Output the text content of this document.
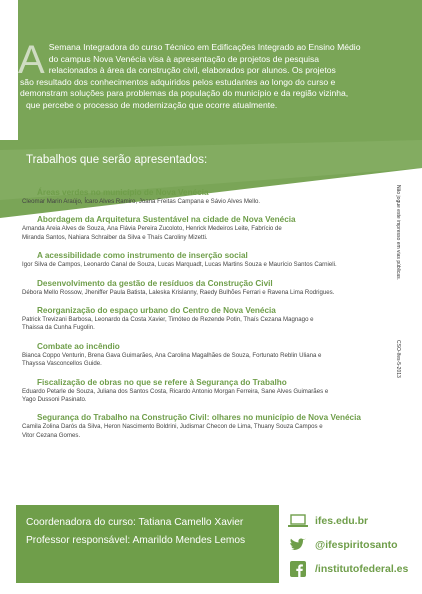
A Semana Integradora do curso Técnico em Edificações Integrado ao Ensino Médio
do campus Nova Venécia visa à apresentação de projetos de pesquisa
relacionados à área da construção civil, elaborados por alunos. Os projetos
são resultado dos conhecimentos adquiridos pelos estudantes ao longo do curso e
demonstram soluções para problemas da população do município e da região vizinha,
que percebe o processo de modernização que ocorre atualmente.
Trabalhos que serão apresentados:
Áreas verdes no município de Nova Venécia
Cleomar Marin Araújo, Ícaro Alves Ramiro, Joana Freitas Campana e Sávio Alves Mello.
Abordagem da Arquitetura Sustentável na cidade de Nova Venécia
Amanda Areia Alves de Souza, Ana Flávia Pereira Zucoloto, Henrick Medeiros Leite, Fabrício de
Miranda Santos, Nahiara Schraiber da Silva e Thaís Caroliny Mizetti.
A acessibilidade como instrumento de inserção social
Igor Silva de Campos, Leonardo Canal de Souza, Lucas Marquadt, Lucas Martins Souza e Maurício Santos Carnieli.
Desenvolvimento da gestão de resíduos da Construção Civil
Débora Mello Rossow, Jheniffer Paula Batista, Laleska Krislanny, Raedy Bulhões Ferrari e Ravena Lima Rodrigues.
Reorganização do espaço urbano do Centro de Nova Venécia
Patrick Trevizani Barbosa, Leonardo da Costa Xavier, Timóteo de Rezende Potin, Thaís Cezana Magnago e
Thaissa da Cunha Fugolin.
Combate ao incêndio
Bianca Coppo Venturin, Brena Gava Guimarães, Ana Carolina Magalhães de Souza, Fortunato Reblin Uliana e
Thayssa Vasconcellos Guide.
Fiscalização de obras no que se refere à Segurança do Trabalho
Eduardo Petarle de Souza, Juliana dos Santos Costa, Ricardo Antonio Morgan Ferreira, Sane Alves Guimarães e
Yago Dussoni Pasinato.
Segurança do Trabalho na Construção Civil: olhares no município de Nova Venécia
Camila Zolina Darós da Silva, Heron Nascimento Boldrini, Judismar Checon de Lima, Thuany Souza Campos e
Vitor Cezana Gomes.
Não jogue este impresso em vias públicas.
CSO-Ifes-5-2013
Coordenadora do curso: Tatiana Camello Xavier
Professor responsável: Amarildo Mendes Lemos
ifes.edu.br
@ifespiritosanto
/institutofederal.es
